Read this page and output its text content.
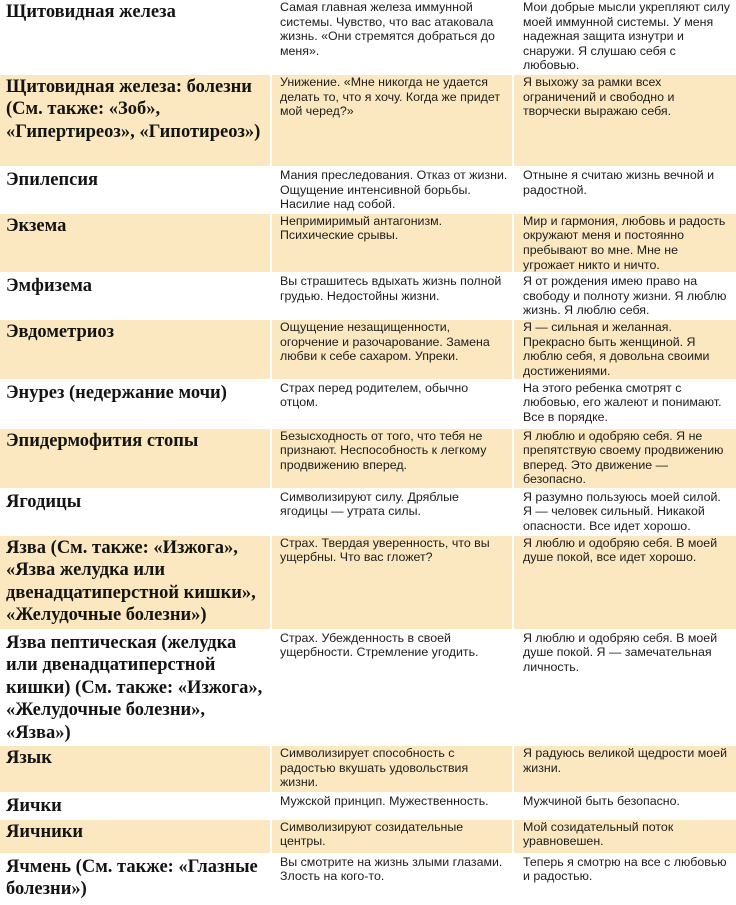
Щитовидная железа	Самая главная железа иммунной системы. Чувство, что вас атаковала жизнь. «Они стремятся добраться до меня».	Мои добрые мысли укрепляют силу моей иммунной системы. У меня надежная защита изнутри и снаружи. Я слушаю себя с любовью.

Щитовидная железа: болезни (См. также: «Зоб», «Гипертиреоз», «Гипотиреоз»)	Унижение. «Мне никогда не удается делать то, что я хочу. Когда же придет мой черед?»	Я выхожу за рамки всех ограничений и свободно и творчески выражаю себя.

Эпилепсия	Мания преследования. Отказ от жизни. Ощущение интенсивной борьбы. Насилие над собой.	Отныне я считаю жизнь вечной и радостной.

Экзема	Непримиримый антагонизм. Психические срывы.	Мир и гармония, любовь и радость окружают меня и постоянно пребывают во мне. Мне не угрожает никто и ничто.

Эмфизема	Вы страшитесь вдыхать жизнь полной грудью. Недостойны жизни.	Я от рождения имею право на свободу и полноту жизни. Я люблю жизнь. Я люблю себя.

Эвдометриоз	Ощущение незащищенности, огорчение и разочарование. Замена любви к себе сахаром. Упреки.	Я — сильная и желанная. Прекрасно быть женщиной. Я люблю себя, я довольна своими достижениями.

Энурез (недержание мочи)	Страх перед родителем, обычно отцом.	На этого ребенка смотрят с любовью, его жалеют и понимают. Все в порядке.

Эпидермофития стопы	Безысходность от того, что тебя не признают. Неспособность к легкому продвижению вперед.	Я люблю и одобряю себя. Я не препятствую своему продвижению вперед. Это движение — безопасно.

Ягодицы	Символизируют силу. Дряблые ягодицы — утрата силы.	Я разумно пользуюсь моей силой. Я — человек сильный. Никакой опасности. Все идет хорошо.

Язва (См. также: «Изжога», «Язва желудка или двенадцатиперстной кишки», «Желудочные болезни»)	Страх. Твердая уверенность, что вы ущербны. Что вас гложет?	Я люблю и одобряю себя. В моей душе покой, все идет хорошо.

Язва пептическая (желудка или двенадцатиперстной кишки) (См. также: «Изжога», «Желудочные болезни», «Язва»)	Страх. Убежденность в своей ущербности. Стремление угодить.	Я люблю и одобряю себя. В моей душе покой. Я — замечательная личность.

Язык	Символизирует способность с радостью вкушать удовольствия жизни.	Я радуюсь великой щедрости моей жизни.

Яички	Мужской принцип. Мужественность.	Мужчиной быть безопасно.

Яичники	Символизируют созидательные центры.	Мой созидательный поток уравновешен.

Ячмень (См. также: «Глазные болезни»)	Вы смотрите на жизнь злыми глазами. Злость на кого-то.	Теперь я смотрю на все с любовью и радостью.
